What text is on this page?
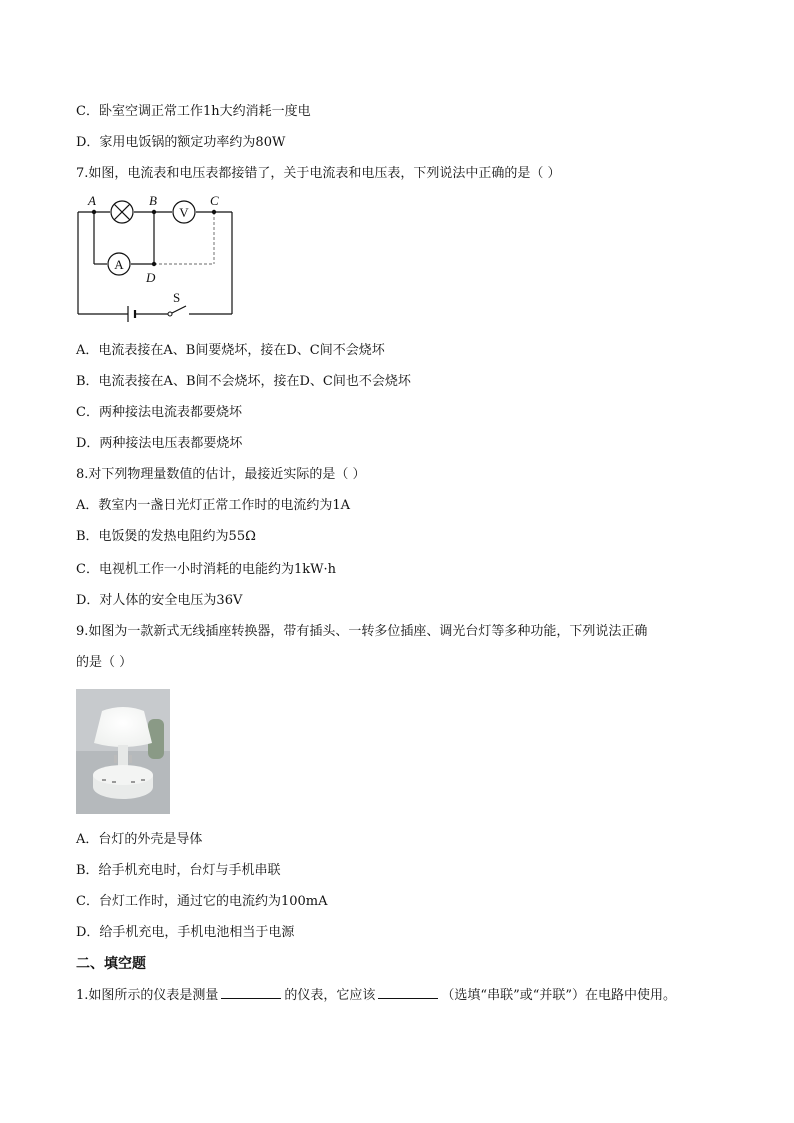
C．卧室空调正常工作1h大约消耗一度电
D．家用电饭锅的额定功率约为80W
7.如图，电流表和电压表都接错了，关于电流表和电压表，下列说法中正确的是（ ）
V
A
A	B	C
D
S
A．电流表接在A、B间要烧坏，接在D、C间不会烧坏
B．电流表接在A、B间不会烧坏，接在D、C间也不会烧坏
C．两种接法电流表都要烧坏
D．两种接法电压表都要烧坏
8.对下列物理量数值的估计，最接近实际的是（ ）
A．教室内一盏日光灯正常工作时的电流约为1A
B．电饭煲的发热电阻约为55Ω
C．电视机工作一小时消耗的电能约为1kW·h
D．对人体的安全电压为36V
9.如图为一款新式无线插座转换器，带有插头、一转多位插座、调光台灯等多种功能，下列说法正确
的是（ ）
A．台灯的外壳是导体
B．给手机充电时，台灯与手机串联
C．台灯工作时，通过它的电流约为100mA
D．给手机充电，手机电池相当于电源
二、填空题
1.如图所示的仪表是测量	的仪表，它应该	（选填“串联”或“并联”）在电路中使用。
